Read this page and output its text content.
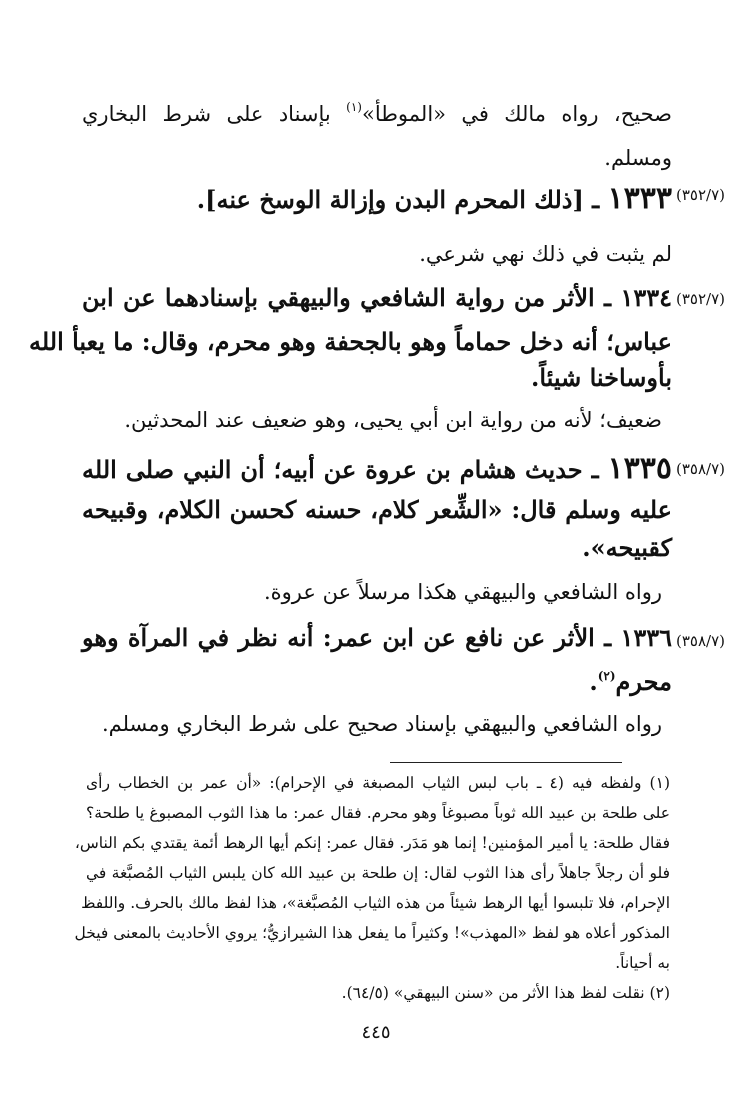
صحيح، رواه مالك في «الموطأ»$^{(١)}$ بإسناد على شرط البخاري
ومسلم.
(٣٥٢/٧)
١٣٣٣ ـ [ذلك المحرم البدن وإزالة الوسخ عنه].
لم يثبت في ذلك نهي شرعي.
(٣٥٢/٧)
١٣٣٤ ـ الأثر من رواية الشافعي والبيهقي بإسنادهما عن ابن
عباس؛ أنه دخل حماماً وهو بالجحفة وهو محرم، وقال: ما يعبأ الله
بأوساخنا شيئاً.
ضعيف؛ لأنه من رواية ابن أبي يحيى، وهو ضعيف عند المحدثين.
(٣٥٨/٧)
١٣٣٥ ـ حديث هشام بن عروة عن أبيه؛ أن النبي صلى الله
عليه وسلم قال: «الشِّعر كلام، حسنه كحسن الكلام، وقبيحه
كقبيحه».
رواه الشافعي والبيهقي هكذا مرسلاً عن عروة.
(٣٥٨/٧)
١٣٣٦ ـ الأثر عن نافع عن ابن عمر: أنه نظر في المرآة وهو
محرم$^{(٢)}$.
رواه الشافعي والبيهقي بإسناد صحيح على شرط البخاري ومسلم.
(١) ولفظه فيه (٤ ـ باب لبس الثياب المصبغة في الإحرام): «أن عمر بن الخطاب رأى
على طلحة بن عبيد الله ثوباً مصبوغاً وهو محرم. فقال عمر: ما هذا الثوب المصبوغ يا طلحة؟
فقال طلحة: يا أمير المؤمنين! إنما هو مَدَر. فقال عمر: إنكم أيها الرهط أئمة يقتدي بكم الناس،
فلو أن رجلاً جاهلاً رأى هذا الثوب لقال: إن طلحة بن عبيد الله كان يلبس الثياب المُصبَّغة في
الإحرام، فلا تلبسوا أيها الرهط شيئاً من هذه الثياب المُصبَّغة»، هذا لفظ مالك بالحرف. واللفظ
المذكور أعلاه هو لفظ «المهذب»! وكثيراً ما يفعل هذا الشيرازيُّ؛ يروي الأحاديث بالمعنى فيخل
به أحياناً.
(٢) نقلت لفظ هذا الأثر من «سنن البيهقي» (٦٤/٥).
٤٤٥
